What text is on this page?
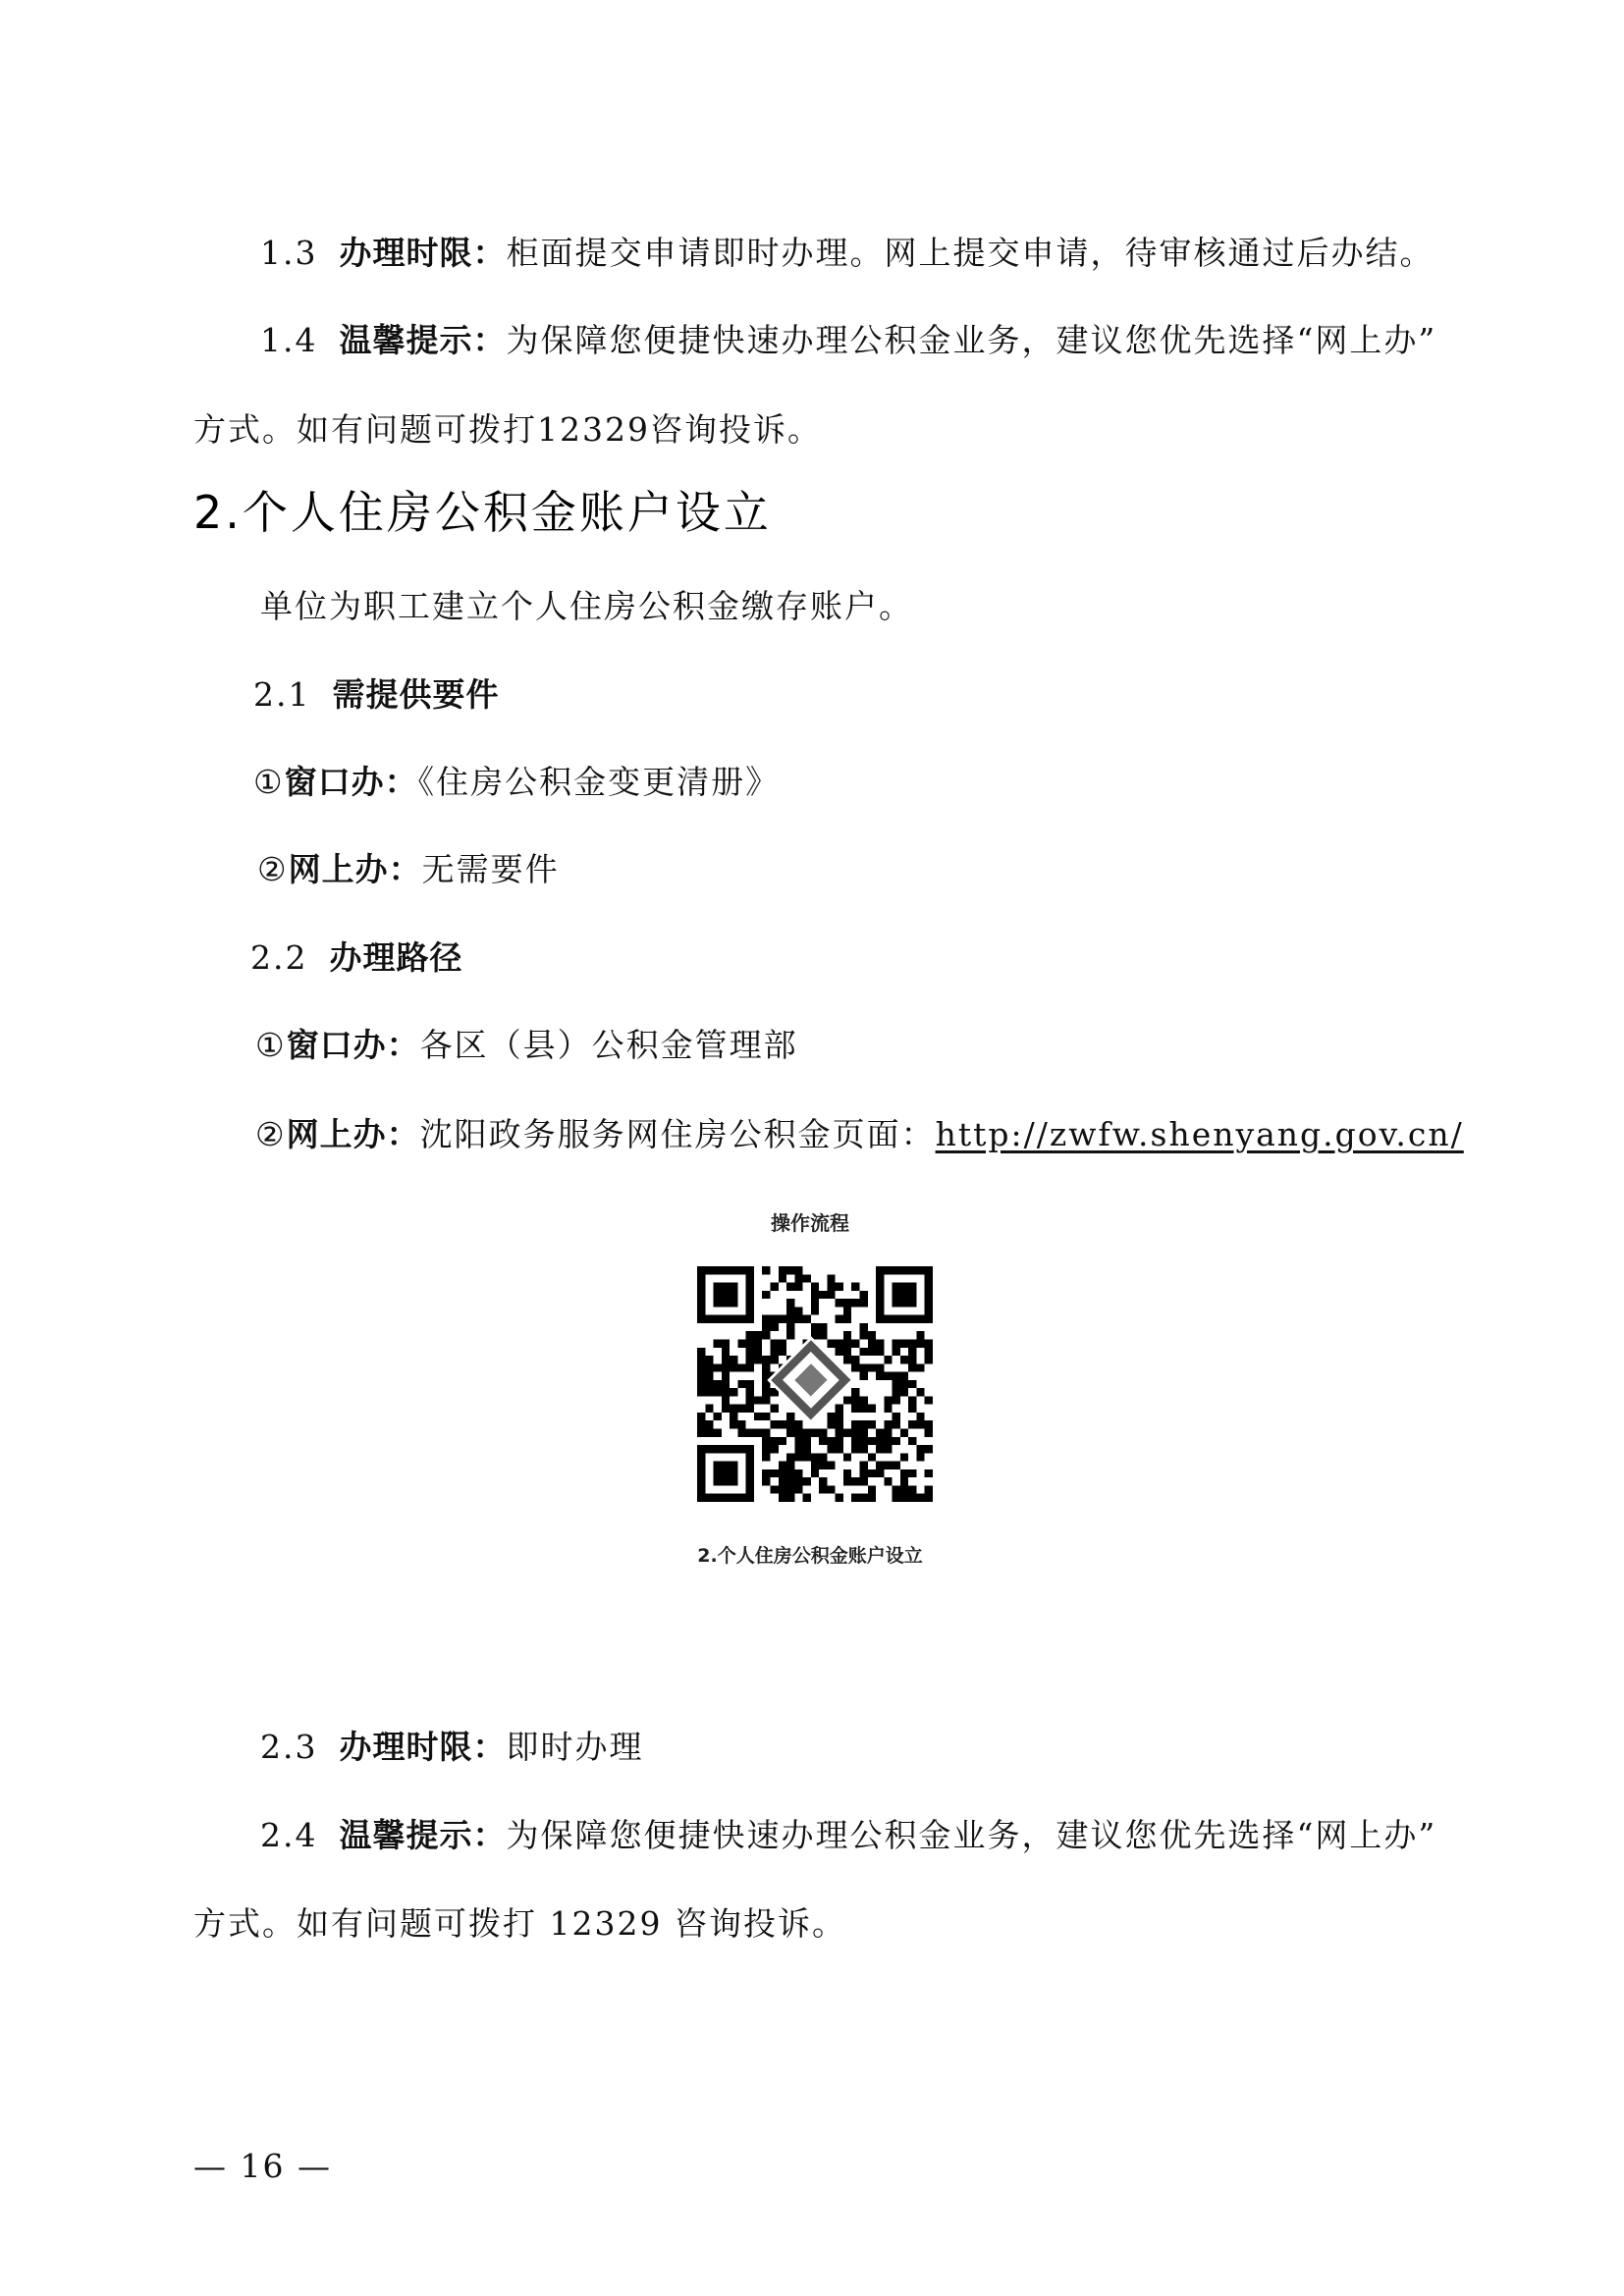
1.3 办理时限：柜面提交申请即时办理。网上提交申请，待审核通过后办结。
1.4 温馨提示：为保障您便捷快速办理公积金业务，建议您优先选择“网上办”
方式。如有问题可拨打12329咨询投诉。
2.个人住房公积金账户设立
单位为职工建立个人住房公积金缴存账户。
2.1 需提供要件
①窗口办：《住房公积金变更清册》
②网上办：无需要件
2.2 办理路径
①窗口办：各区（县）公积金管理部
②网上办：沈阳政务服务网住房公积金页面：http://zwfw.shenyang.gov.cn/
操作流程
2.个人住房公积金账户设立
2.3 办理时限：即时办理
2.4 温馨提示：为保障您便捷快速办理公积金业务，建议您优先选择“网上办”
方式。如有问题可拨打 12329 咨询投诉。
— 16 —
